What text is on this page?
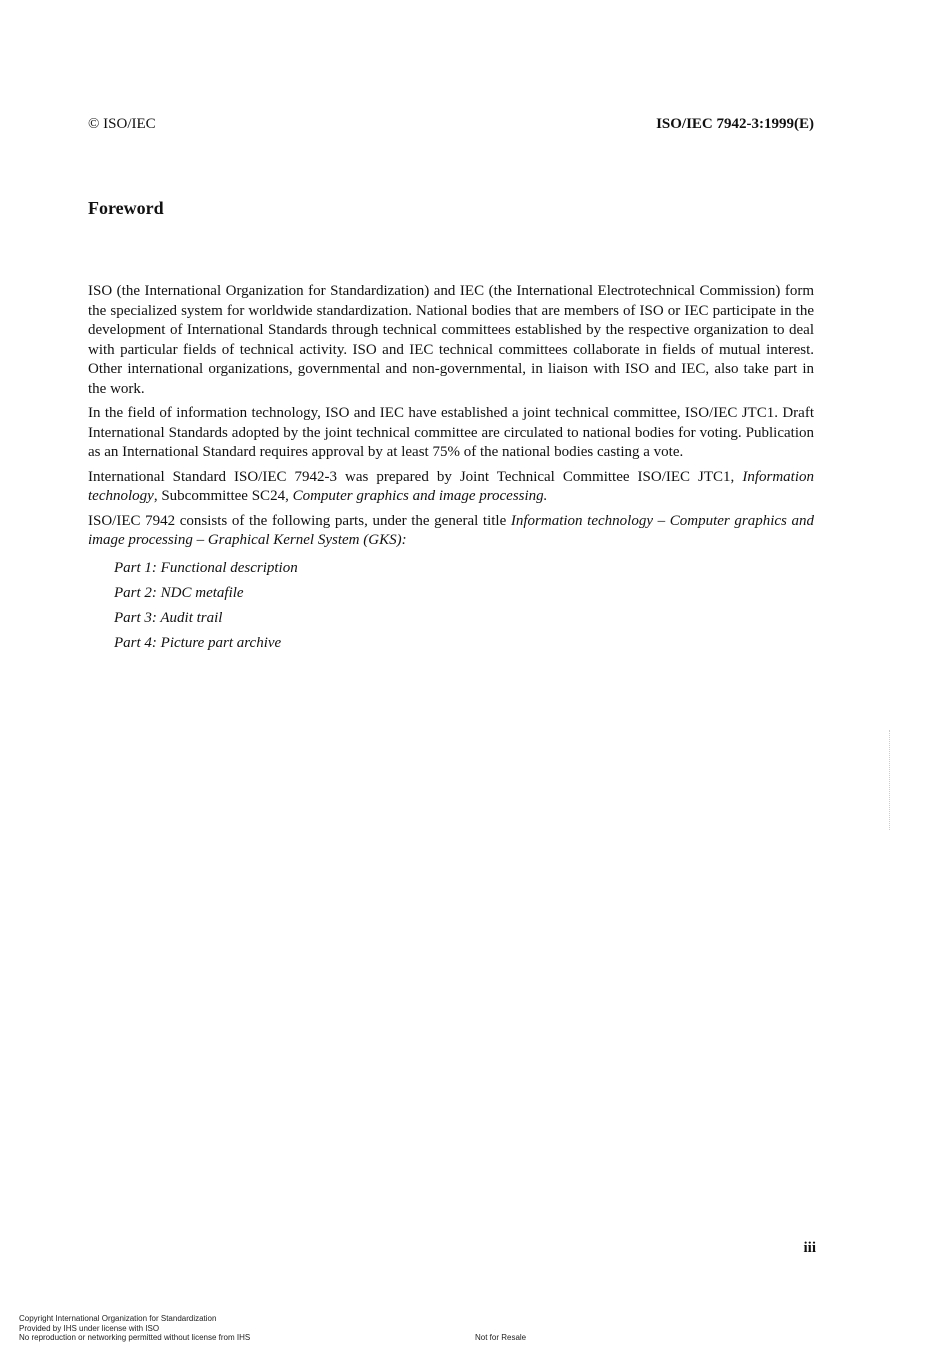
© ISO/IEC	ISO/IEC 7942-3:1999(E)
Foreword

ISO (the International Organization for Standardization) and IEC (the International Electrotechnical Commission) form the specialized system for worldwide standardization. National bodies that are members of ISO or IEC participate in the development of International Standards through technical committees established by the respective organization to deal with particular fields of technical activity. ISO and IEC technical committees collaborate in fields of mutual interest. Other international organizations, governmental and non-governmental, in liaison with ISO and IEC, also take part in the work.

In the field of information technology, ISO and IEC have established a joint technical committee, ISO/IEC JTC1. Draft International Standards adopted by the joint technical committee are circulated to national bodies for voting. Publication as an International Standard requires approval by at least 75% of the national bodies casting a vote.

International Standard ISO/IEC 7942-3 was prepared by Joint Technical Committee ISO/IEC JTC1, Information technology, Subcommittee SC24, Computer graphics and image processing.

ISO/IEC 7942 consists of the following parts, under the general title Information technology – Computer graphics and image processing – Graphical Kernel System (GKS):

Part 1: Functional description
Part 2: NDC metafile
Part 3: Audit trail
Part 4: Picture part archive
iii
Copyright International Organization for Standardization
Provided by IHS under license with ISO
No reproduction or networking permitted without license from IHS	Not for Resale
